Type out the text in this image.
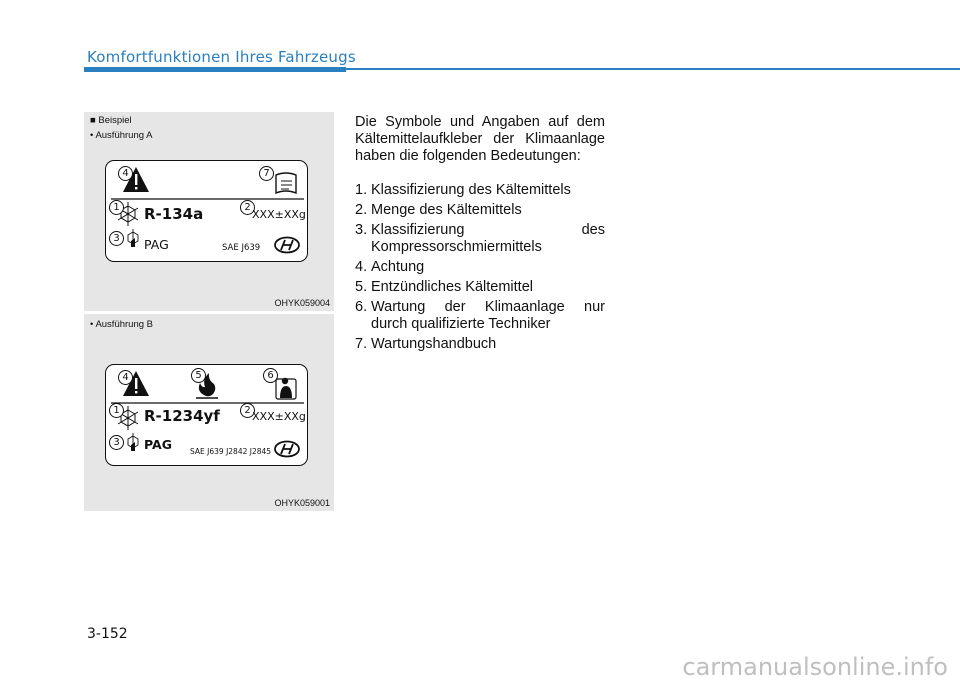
Komfortfunktionen Ihres Fahrzeugs
■ Beispiel
• Ausführung A
4	7
1	2
3
R-134a	XXX±XXg
PAG	SAE J639
OHYK059004
• Ausführung B
4	5	6
1	2
3
R-1234yf	XXX±XXg
PAG SAE J639 J2842 J2845
OHYK059001

Die Symbole und Angaben auf dem Kältemittelaufkleber der Klimaanlage haben die folgenden Bedeutungen:

1. Klassifizierung des Kältemittels
2. Menge des Kältemittels
3. Klassifizierung des
Kompressorschmiermittels
4. Achtung
5. Entzündliches Kältemittel
6. Wartung der Klimaanlage nur
durch qualifizierte Techniker
7. Wartungshandbuch
3-152
carmanualsonline.info
